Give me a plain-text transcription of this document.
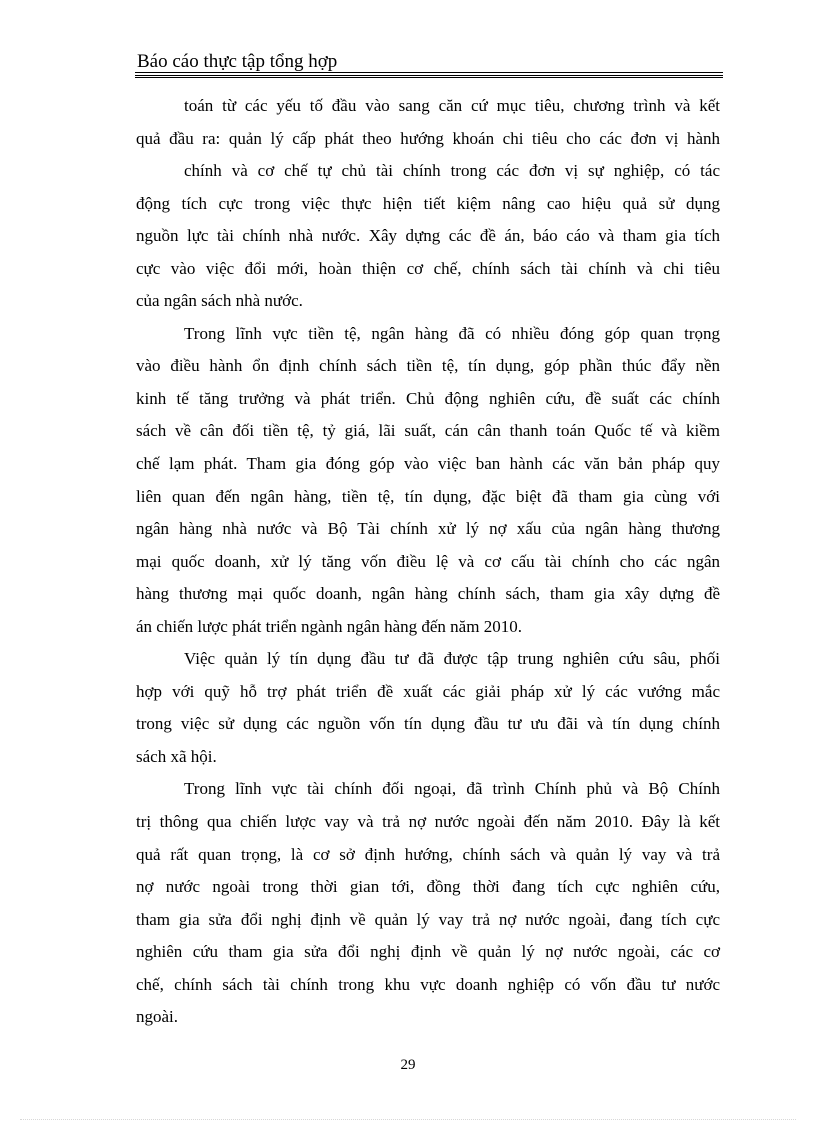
Báo cáo thực tập tổng hợp
toán từ các yếu tố đầu vào sang căn cứ mục tiêu, chương trình và kết
quả đầu ra: quản lý cấp phát theo hướng khoán chi tiêu cho các đơn vị hành
chính và cơ chế tự chủ tài chính trong các đơn vị sự nghiệp, có tác
động tích cực trong việc thực hiện tiết kiệm nâng cao hiệu quả sử dụng
nguồn lực tài chính nhà nước. Xây dựng các đề án, báo cáo và tham gia tích
cực vào việc đổi mới, hoàn thiện cơ chế, chính sách tài chính và chi tiêu
của ngân sách nhà nước.
Trong lĩnh vực tiền tệ, ngân hàng đã có nhiều đóng góp quan trọng
vào điều hành ổn định chính sách tiền tệ, tín dụng, góp phần thúc đẩy nền
kinh tế tăng trưởng và phát triển. Chủ động nghiên cứu, đề suất các chính
sách về cân đối tiền tệ, tỷ giá, lãi suất, cán cân thanh toán Quốc tế và kiềm
chế lạm phát. Tham gia đóng góp vào việc ban hành các văn bản pháp quy
liên quan đến ngân hàng, tiền tệ, tín dụng, đặc biệt đã tham gia cùng với
ngân hàng nhà nước và Bộ Tài chính xử lý nợ xấu của ngân hàng thương
mại quốc doanh, xử lý tăng vốn điều lệ và cơ cấu tài chính cho các ngân
hàng thương mại quốc doanh, ngân hàng chính sách, tham gia xây dựng đề
án chiến lược phát triển ngành ngân hàng đến năm 2010.
Việc quản lý tín dụng đầu tư đã được tập trung nghiên cứu sâu, phối
hợp với quỹ hỗ trợ phát triển đề xuất các giải pháp xử lý các vướng mắc
trong việc sử dụng các nguồn vốn tín dụng đầu tư ưu đãi và tín dụng chính
sách xã hội.
Trong lĩnh vực tài chính đối ngoại, đã trình Chính phủ và Bộ Chính
trị thông qua chiến lược vay và trả nợ nước ngoài đến năm 2010. Đây là kết
quả rất quan trọng, là cơ sở định hướng, chính sách và quản lý vay và trả
nợ nước ngoài trong thời gian tới, đồng thời đang tích cực nghiên cứu,
tham gia sửa đổi nghị định về quản lý vay trả nợ nước ngoài, đang tích cực
nghiên cứu tham gia sửa đổi nghị định về quản lý nợ nước ngoài, các cơ
chế, chính sách tài chính trong khu vực doanh nghiệp có vốn đầu tư nước
ngoài.
29
